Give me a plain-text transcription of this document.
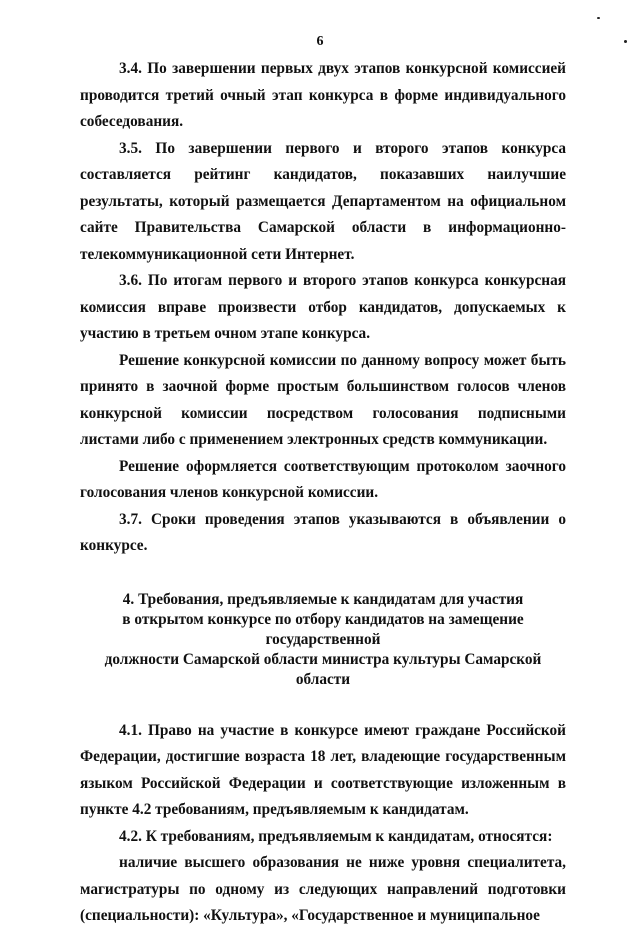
6

3.4. По завершении первых двух этапов конкурсной комиссией проводится третий очный этап конкурса в форме индивидуального собеседования.

3.5. По завершении первого и второго этапов конкурса составляется рейтинг кандидатов, показавших наилучшие результаты, который размещается Департаментом на официальном сайте Правительства Самарской области в информационно-телекоммуникационной сети Интернет.

3.6. По итогам первого и второго этапов конкурса конкурсная комиссия вправе произвести отбор кандидатов, допускаемых к участию в третьем очном этапе конкурса.

Решение конкурсной комиссии по данному вопросу может быть принято в заочной форме простым большинством голосов членов конкурсной комиссии посредством голосования подписными листами либо с применением электронных средств коммуникации.

Решение оформляется соответствующим протоколом заочного голосования членов конкурсной комиссии.

3.7. Сроки проведения этапов указываются в объявлении о конкурсе.

4. Требования, предъявляемые к кандидатам для участия
в открытом конкурсе по отбору кандидатов на замещение государственной
должности Самарской области министра культуры Самарской области

4.1. Право на участие в конкурсе имеют граждане Российской Федерации, достигшие возраста 18 лет, владеющие государственным языком Российской Федерации и соответствующие изложенным в пункте 4.2 требованиям, предъявляемым к кандидатам.

4.2. К требованиям, предъявляемым к кандидатам, относятся:

наличие высшего образования не ниже уровня специалитета, магистратуры по одному из следующих направлений подготовки (специальности): «Культура», «Государственное и муниципальное
